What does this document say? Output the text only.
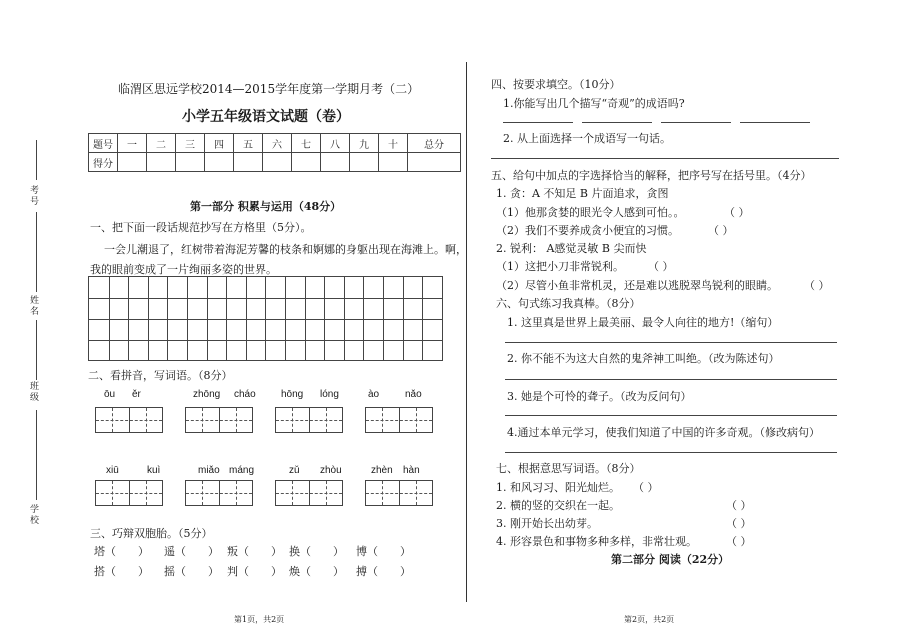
考号
姓名
班级
学校
临渭区思远学校2014—2015学年度第一学期月考（二）
小学五年级语文试题（卷）
题号	一	二	三	四	五	六	七	八	九	十	总分
得分											
第一部分 积累与运用（48分）
一、把下面一段话规范抄写在方格里（5分）。
一会儿潮退了，红树带着海泥芳馨的枝条和婀娜的身躯出现在海滩上。啊，
我的眼前变成了一片绚丽多姿的世界。
二、看拼音，写词语。（8分）
ōu ěr	zhōng cháo	hōng lóng	ào	nǎo
xiū	kuì	miǎo máng	zǔ zhòu	zhèn hàn
三、巧辩双胞胎。（5分）
塔（　　） 遥（　　） 叛（　　） 换（　　） 博（　　）
搭（　　） 摇（　　） 判（　　） 焕（　　） 搏（　　）
第1页，共2页
四、按要求填空。（10分）
1.你能写出几个描写“奇观”的成语吗?
2. 从上面选择一个成语写一句话。
五、给句中加点的字选择恰当的解释，把序号写在括号里。（4分）
1. 贪：A 不知足 B 片面追求，贪图
（1）他那贪婪的眼光令人感到可怕。。	（ ）
（2）我们不要养成贪小便宜的习惯。	（ ）
2. 锐利： A感觉灵敏 B 尖而快
（1）这把小刀非常锐利。 （ ）
（2）尽管小鱼非常机灵，还是难以逃脱翠鸟锐利的眼睛。 （ ）
六、句式练习我真棒。（8分）
1. 这里真是世界上最美丽、最令人向往的地方!（缩句）
2. 你不能不为这大自然的鬼斧神工叫绝。（改为陈述句）
3. 她是个可怜的聋子。（改为反问句）
4.通过本单元学习，使我们知道了中国的许多奇观。（修改病句）
七、根据意思写词语。（8分）
1. 和风习习、阳光灿烂。 （ ）
2. 横的竖的交织在一起。	（ ）
3. 刚开始长出幼芽。	（ ）
4. 形容景色和事物多种多样，非常壮观。	（ ）
第二部分 阅读（22分）
第2页，共2页
